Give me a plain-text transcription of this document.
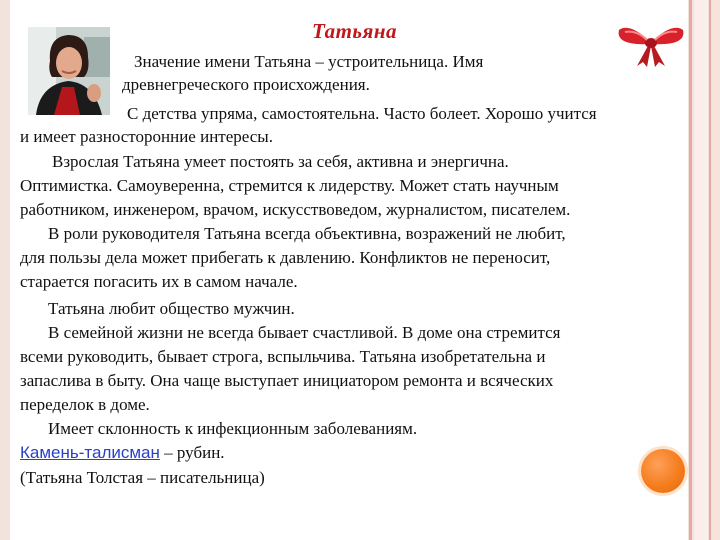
Татьяна

Значение имени Татьяна – устроительница. Имя

древнегреческого происхождения.

С детства упряма, самостоятельна. Часто болеет. Хорошо учится

и имеет разносторонние интересы.

Взрослая Татьяна умеет постоять за себя, активна и энергична.

Оптимистка. Самоуверенна, стремится к лидерству. Может стать научным

работником, инженером, врачом, искусствоведом, журналистом, писателем.

В роли руководителя Татьяна всегда объективна, возражений не любит,

для пользы дела может прибегать к давлению. Конфликтов не переносит,

старается погасить их в самом начале.

Татьяна любит общество мужчин.

В семейной жизни не всегда бывает счастливой. В доме она стремится

всеми руководить, бывает строга, вспыльчива. Татьяна изобретательна и

запаслива в быту. Она чаще выступает инициатором ремонта и всяческих

переделок в доме.

Имеет склонность к инфекционным заболеваниям.

Камень-талисман – рубин.

(Татьяна Толстая – писательница)
